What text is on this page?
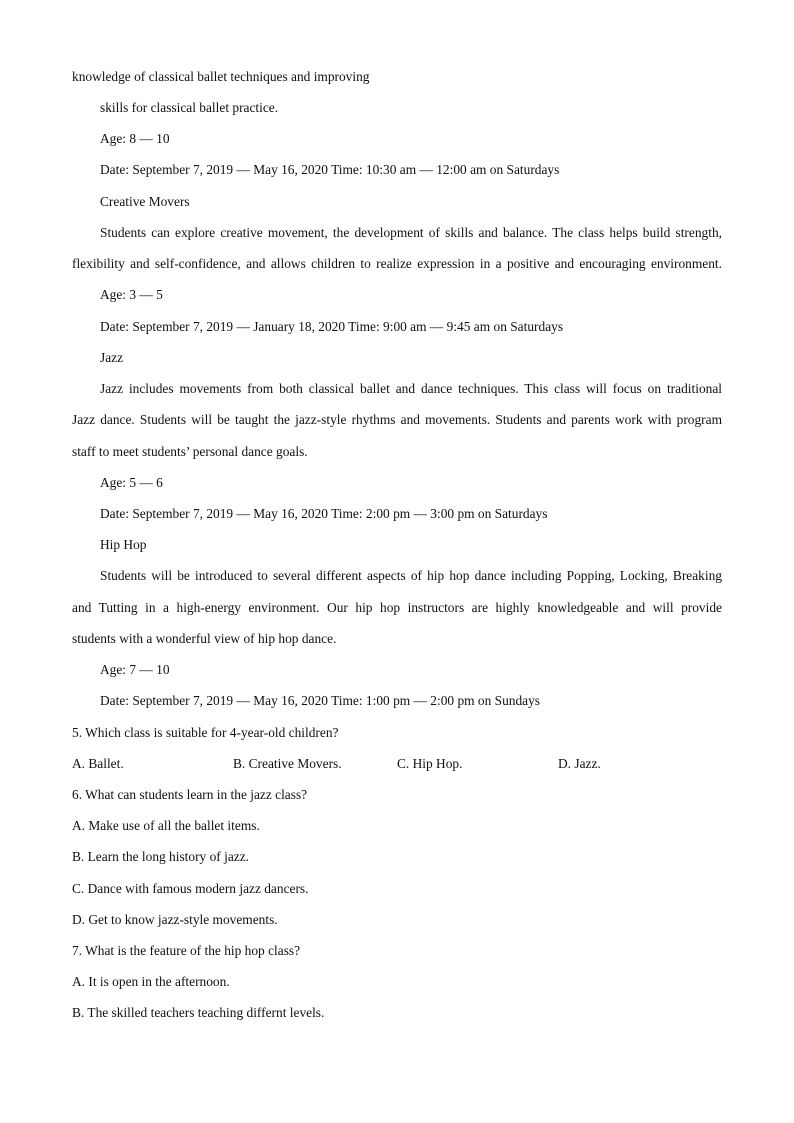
knowledge of classical ballet techniques and improving
skills for classical ballet practice.
Age: 8 — 10
Date: September 7, 2019 — May 16, 2020 Time: 10:30 am — 12:00 am on Saturdays
Creative Movers
Students can explore creative movement, the development of skills and balance. The class helps build strength,
flexibility and self-confidence, and allows children to realize expression in a positive and encouraging environment.
Age: 3 — 5
Date: September 7, 2019 — January 18, 2020 Time: 9:00 am — 9:45 am on Saturdays
Jazz
Jazz includes movements from both classical ballet and dance techniques. This class will focus on traditional
Jazz dance. Students will be taught the jazz-style rhythms and movements. Students and parents work with program
staff to meet students’ personal dance goals.
Age: 5 — 6
Date: September 7, 2019 — May 16, 2020 Time: 2:00 pm — 3:00 pm on Saturdays
Hip Hop
Students will be introduced to several different aspects of hip hop dance including Popping, Locking, Breaking
and Tutting in a high-energy environment. Our hip hop instructors are highly knowledgeable and will provide
students with a wonderful view of hip hop dance.
Age: 7 — 10
Date: September 7, 2019 — May 16, 2020 Time: 1:00 pm — 2:00 pm on Sundays
5. Which class is suitable for 4-year-old children?
A. Ballet.	B. Creative Movers.	C. Hip Hop.	D. Jazz.
6. What can students learn in the jazz class?
A. Make use of all the ballet items.
B. Learn the long history of jazz.
C. Dance with famous modern jazz dancers.
D. Get to know jazz-style movements.
7. What is the feature of the hip hop class?
A. It is open in the afternoon.
B. The skilled teachers teaching differnt levels.
